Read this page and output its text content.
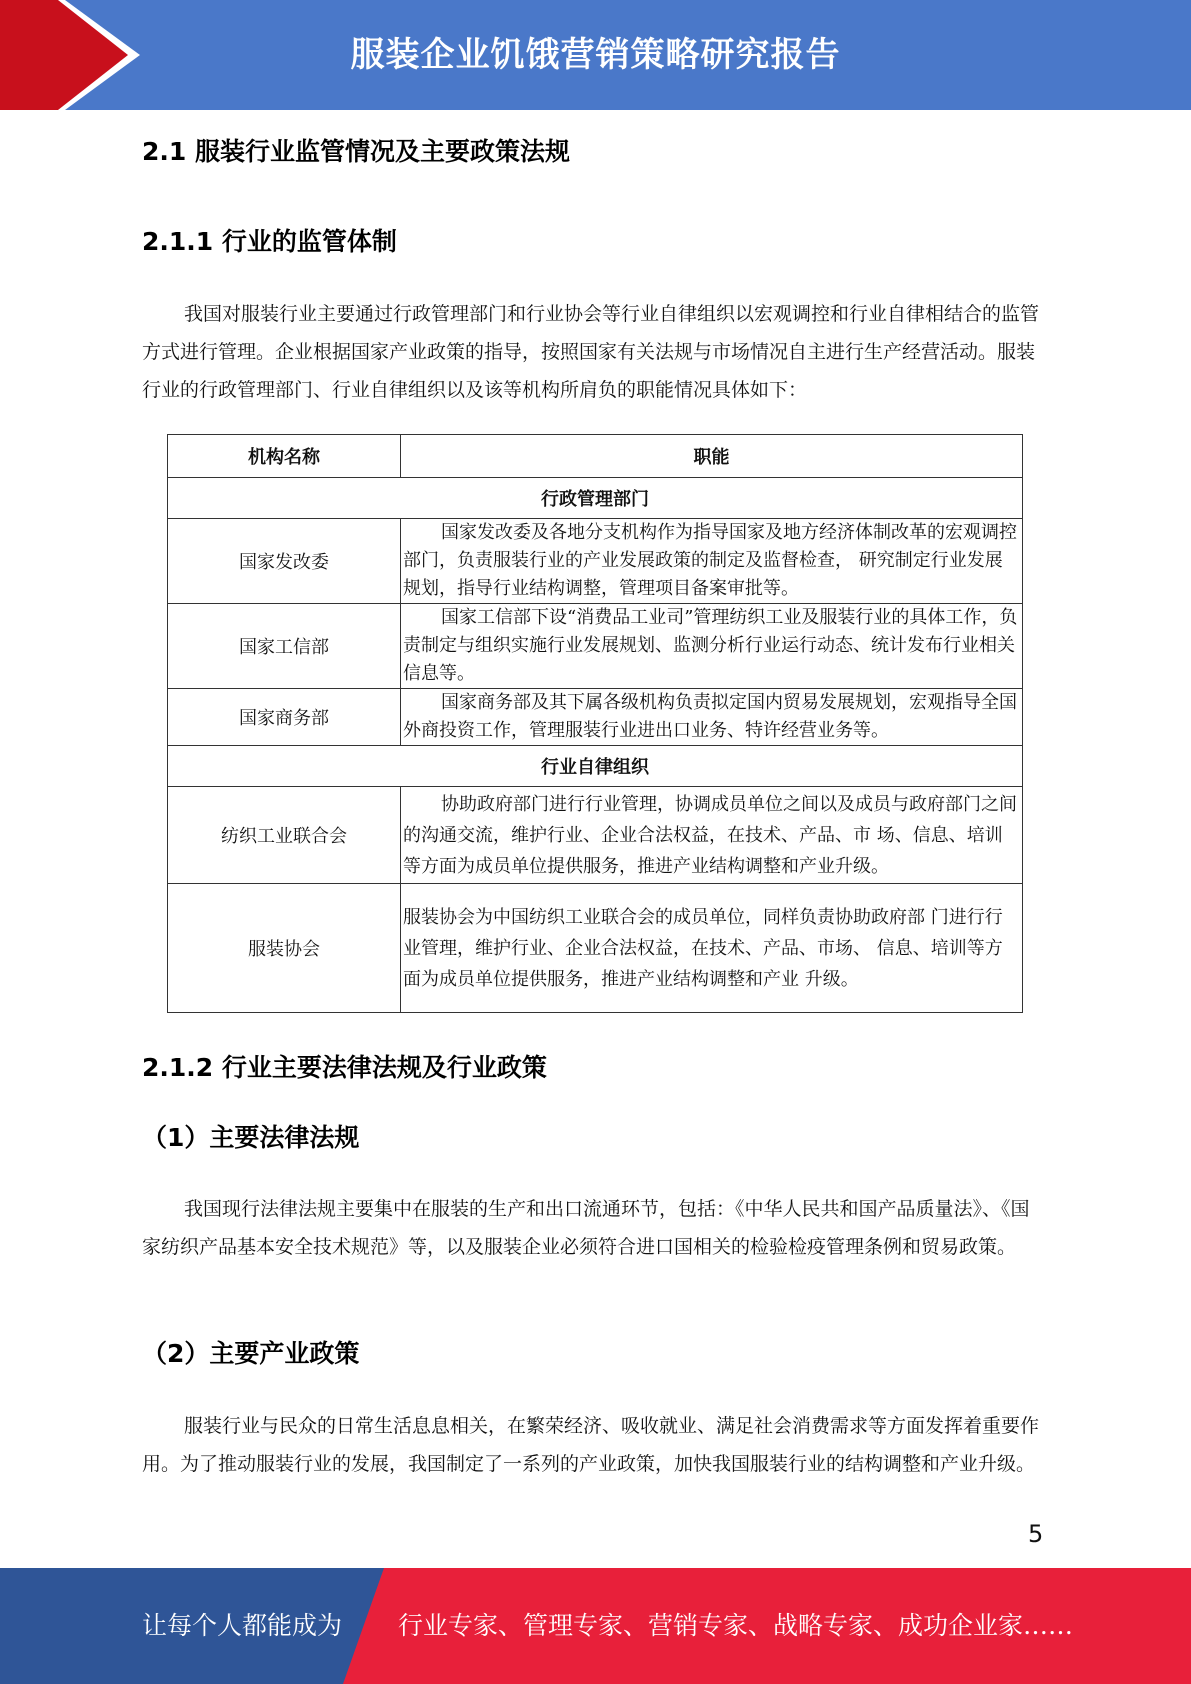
服装企业饥饿营销策略研究报告
2.1 服装行业监管情况及主要政策法规
2.1.1 行业的监管体制

我国对服装行业主要通过行政管理部门和行业协会等行业自律组织以宏观调控和行业自律相结合的监管方式进行管理。企业根据国家产业政策的指导，按照国家有关法规与市场情况自主进行生产经营活动。服装行业的行政管理部门、行业自律组织以及该等机构所肩负的职能情况具体如下：

机构名称	职能
行政管理部门	
国家发改委	国家发改委及各地分支机构作为指导国家及地方经济体制改革的宏观调控部门，负责服装行业的产业发展政策的制定及监督检查， 研究制定行业发展规划，指导行业结构调整，管理项目备案审批等。
国家工信部	国家工信部下设“消费品工业司”管理纺织工业及服装行业的具体工作，负责制定与组织实施行业发展规划、监测分析行业运行动态、统计发布行业相关信息等。
国家商务部	国家商务部及其下属各级机构负责拟定国内贸易发展规划，宏观指导全国外商投资工作，管理服装行业进出口业务、特许经营业务等。
行业自律组织	
纺织工业联合会	协助政府部门进行行业管理，协调成员单位之间以及成员与政府部门之间的沟通交流，维护行业、企业合法权益，在技术、产品、市 场、信息、培训等方面为成员单位提供服务，推进产业结构调整和产业升级。
服装协会	服装协会为中国纺织工业联合会的成员单位，同样负责协助政府部 门进行行业管理，维护行业、企业合法权益，在技术、产品、市场、 信息、培训等方面为成员单位提供服务，推进产业结构调整和产业 升级。
2.1.2 行业主要法律法规及行业政策
（1）主要法律法规

我国现行法律法规主要集中在服装的生产和出口流通环节，包括：《中华人民共和国产品质量法》、《国家纺织产品基本安全技术规范》等，以及服装企业必须符合进口国相关的检验检疫管理条例和贸易政策。

（2）主要产业政策

服装行业与民众的日常生活息息相关，在繁荣经济、吸收就业、满足社会消费需求等方面发挥着重要作用。为了推动服装行业的发展，我国制定了一系列的产业政策，加快我国服装行业的结构调整和产业升级。

5
让每个人都能成为 行业专家、管理专家、营销专家、战略专家、成功企业家……
